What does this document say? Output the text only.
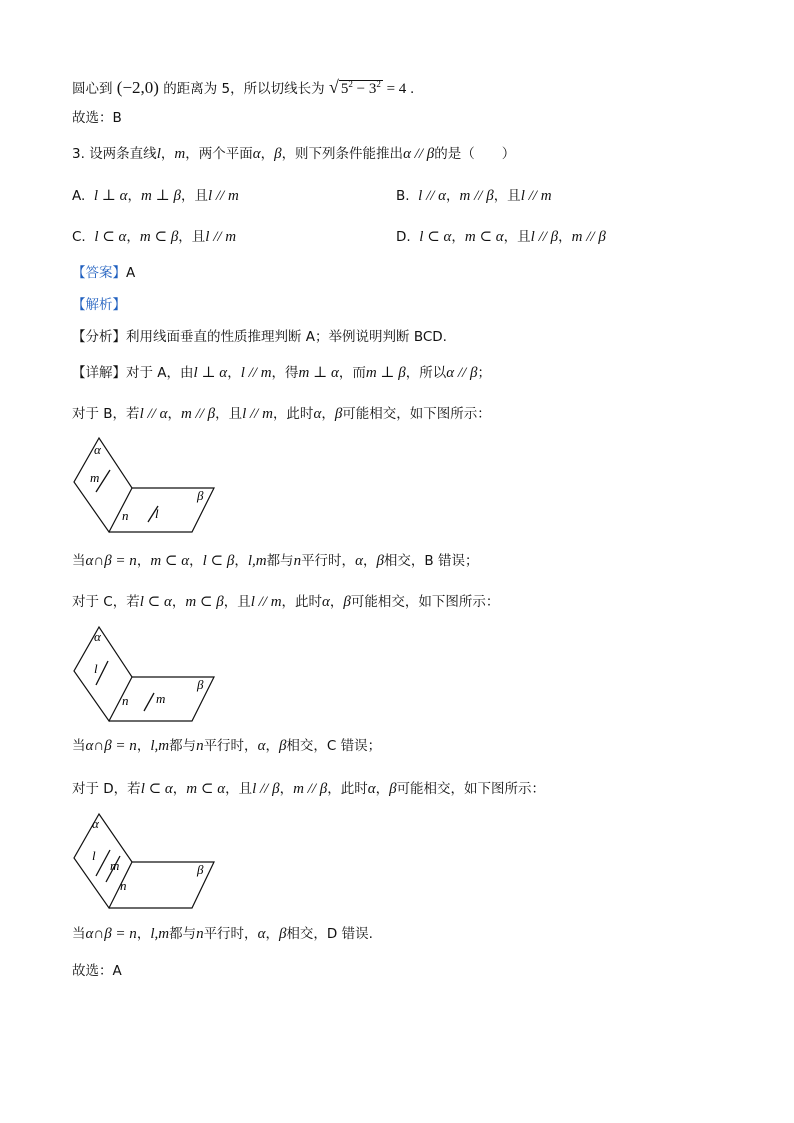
圆心到 (−2,0) 的距离为 5，所以切线长为 √ $5^2 - 3^2 = 4$ .
故选：B
3. 设两条直线l，m，两个平面α，β，则下列条件能推出α // β的是（　　）
A. l ⊥ α，m ⊥ β，且l // m	B. l // α，m // β，且l // m
C. l ⊂ α，m ⊂ β，且l // m	D. l ⊂ α，m ⊂ α，且l // β，m // β
【答案】A
【解析】
【分析】利用线面垂直的性质推理判断 A；举例说明判断 BCD.
【详解】对于 A，由l ⊥ α，l // m，得m ⊥ α，而m ⊥ β，所以α // β；
对于 B，若l // α，m // β，且l // m，此时α，β可能相交，如下图所示：
α
β
m
l
n
当α∩β = n，m ⊂ α，l ⊂ β，l,m都与n平行时，α，β相交，B 错误；
对于 C，若l ⊂ α，m ⊂ β，且l // m，此时α，β可能相交，如下图所示：
α
β
l
m
n
当α∩β = n，l,m都与n平行时，α，β相交，C 错误；
对于 D，若l ⊂ α，m ⊂ α，且l // β，m // β，此时α，β可能相交，如下图所示：
α
β
l
m
n
当α∩β = n，l,m都与n平行时，α，β相交，D 错误.
故选：A
